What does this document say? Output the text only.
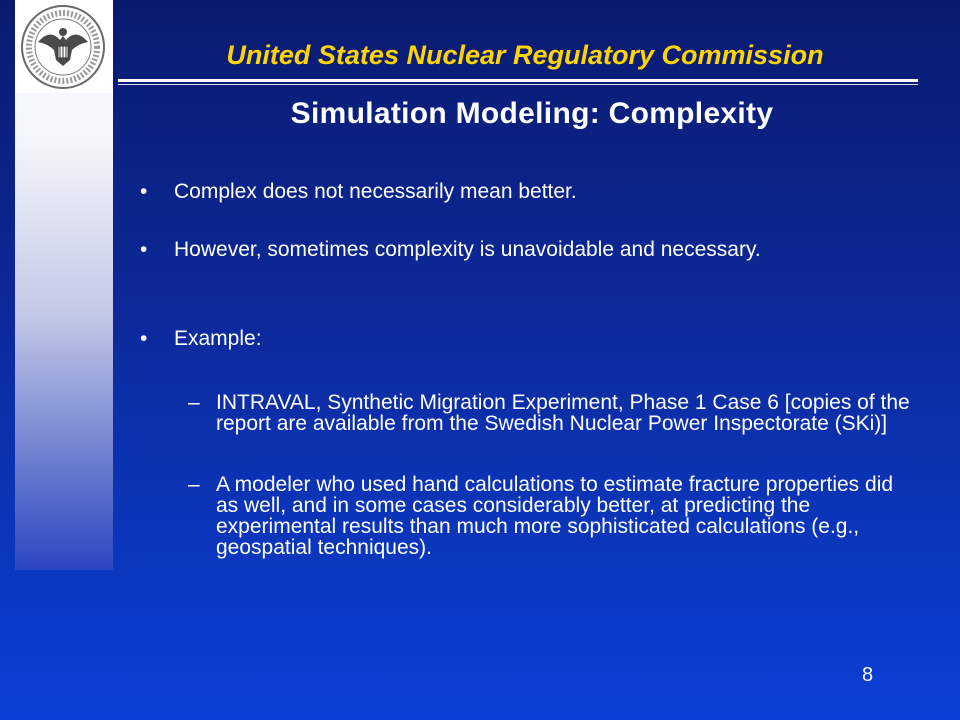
United States Nuclear Regulatory Commission
Simulation Modeling: Complexity
• Complex does not necessarily mean better.
• However, sometimes complexity is unavoidable and necessary.
• Example:
– INTRAVAL, Synthetic Migration Experiment, Phase 1 Case 6 [copies of the report are available from the Swedish Nuclear Power Inspectorate (SKi)]
– A modeler who used hand calculations to estimate fracture properties did as well, and in some cases considerably better, at predicting the experimental results than much more sophisticated calculations (e.g., geospatial techniques).
8
